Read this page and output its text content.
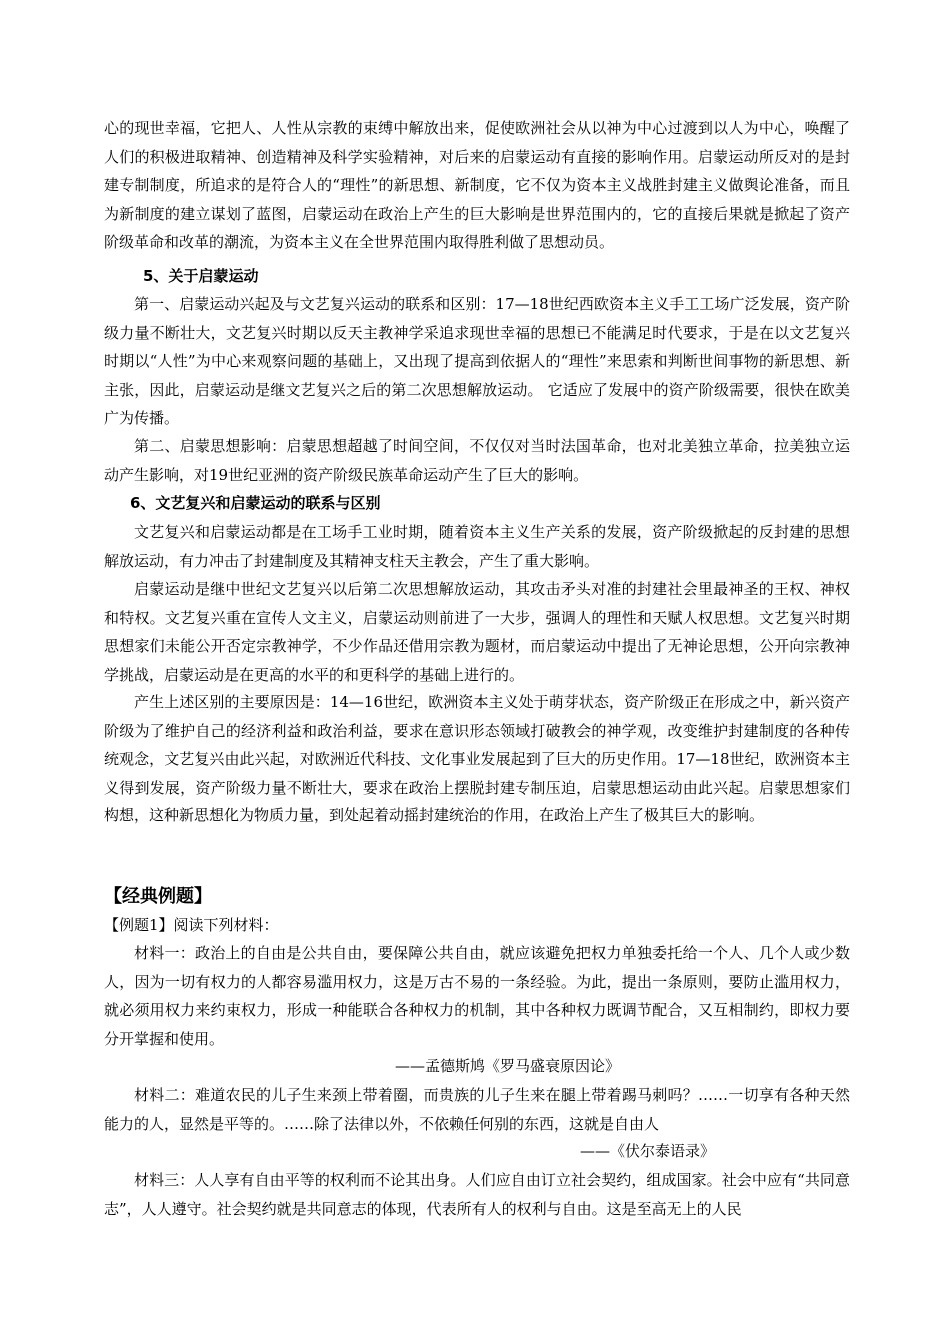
心的现世幸福，它把人、人性从宗教的束缚中解放出来，促使欧洲社会从以神为中心过渡到以人为中心，唤醒了人们的积极进取精神、创造精神及科学实验精神，对后来的启蒙运动有直接的影响作用。启蒙运动所反对的是封建专制制度，所追求的是符合人的“理性”的新思想、新制度，它不仅为资本主义战胜封建主义做舆论准备，而且为新制度的建立谋划了蓝图，启蒙运动在政治上产生的巨大影响是世界范围内的，它的直接后果就是掀起了资产阶级革命和改革的潮流，为资本主义在全世界范围内取得胜利做了思想动员。

5、关于启蒙运动

第一、启蒙运动兴起及与文艺复兴运动的联系和区别：17—18世纪西欧资本主义手工工场广泛发展，资产阶级力量不断壮大，文艺复兴时期以反天主教神学采追求现世幸福的思想已不能满足时代要求，于是在以文艺复兴时期以“人性”为中心来观察问题的基础上，又出现了提高到依据人的“理性”来思索和判断世间事物的新思想、新主张，因此，启蒙运动是继文艺复兴之后的第二次思想解放运动。 它适应了发展中的资产阶级需要，很快在欧美广为传播。

第二、启蒙思想影响：启蒙思想超越了时间空间，不仅仅对当时法国革命，也对北美独立革命，拉美独立运动产生影响，对19世纪亚洲的资产阶级民族革命运动产生了巨大的影响。

6、文艺复兴和启蒙运动的联系与区别

文艺复兴和启蒙运动都是在工场手工业时期，随着资本主义生产关系的发展，资产阶级掀起的反封建的思想解放运动，有力冲击了封建制度及其精神支柱天主教会，产生了重大影响。

启蒙运动是继中世纪文艺复兴以后第二次思想解放运动，其攻击矛头对准的封建社会里最神圣的王权、神权和特权。文艺复兴重在宣传人文主义，启蒙运动则前进了一大步，强调人的理性和天赋人权思想。文艺复兴时期思想家们未能公开否定宗教神学，不少作品还借用宗教为题材，而启蒙运动中提出了无神论思想，公开向宗教神学挑战，启蒙运动是在更高的水平的和更科学的基础上进行的。

产生上述区别的主要原因是：14—16世纪，欧洲资本主义处于萌芽状态，资产阶级正在形成之中，新兴资产阶级为了维护自己的经济利益和政治利益，要求在意识形态领域打破教会的神学观，改变维护封建制度的各种传统观念，文艺复兴由此兴起，对欧洲近代科技、文化事业发展起到了巨大的历史作用。17—18世纪，欧洲资本主义得到发展，资产阶级力量不断壮大，要求在政治上摆脱封建专制压迫，启蒙思想运动由此兴起。启蒙思想家们

构想，这种新思想化为物质力量，到处起着动摇封建统治的作用，在政治上产生了极其巨大的影响。

【经典例题】

【例题1】阅读下列材料：

材料一：政治上的自由是公共自由，要保障公共自由，就应该避免把权力单独委托给一个人、几个人或少数人，因为一切有权力的人都容易滥用权力，这是万古不易的一条经验。为此，提出一条原则，要防止滥用权力，就必须用权力来约束权力，形成一种能联合各种权力的机制，其中各种权力既调节配合，又互相制约，即权力要分开掌握和使用。

——孟德斯鸠《罗马盛衰原因论》

材料二：难道农民的儿子生来颈上带着圈，而贵族的儿子生来在腿上带着踢马刺吗？……一切享有各种天然能力的人，显然是平等的。……除了法律以外，不依赖任何别的东西，这就是自由人

——《伏尔泰语录》

材料三：人人享有自由平等的权利而不论其出身。人们应自由订立社会契约，组成国家。社会中应有“共同意志”，人人遵守。社会契约就是共同意志的体现，代表所有人的权利与自由。这是至高无上的人民
